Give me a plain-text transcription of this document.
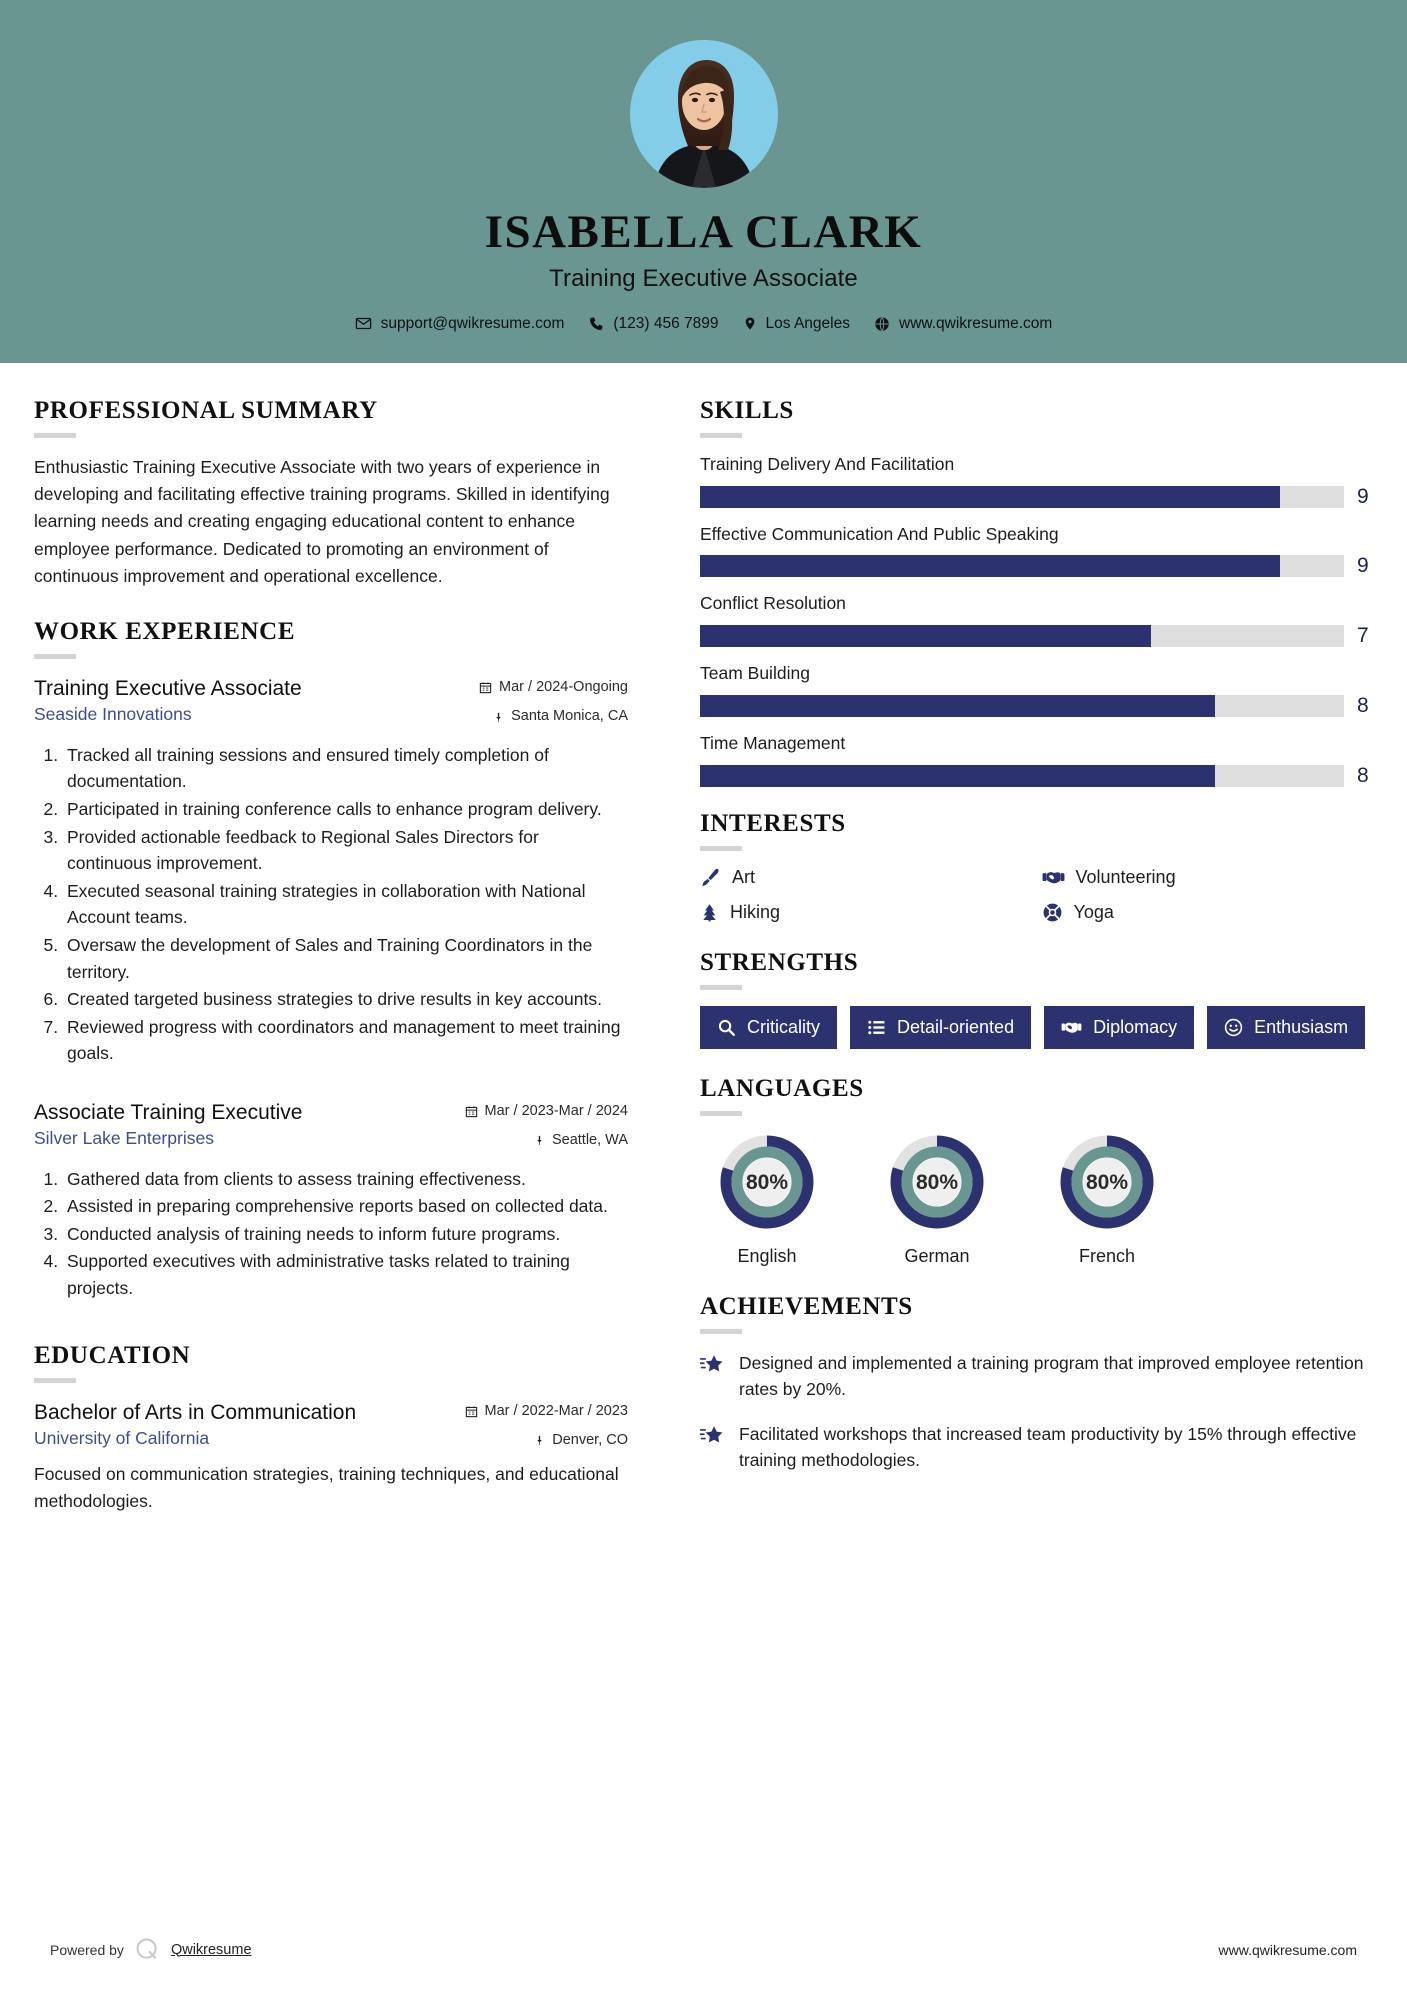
ISABELLA CLARK
Training Executive Associate
support@qwikresume.com	(123) 456 7899	Los Angeles	www.qwikresume.com
PROFESSIONAL SUMMARY

Enthusiastic Training Executive Associate with two years of experience in developing and facilitating effective training programs. Skilled in identifying learning needs and creating engaging educational content to enhance employee performance. Dedicated to promoting an environment of continuous improvement and operational excellence.

WORK EXPERIENCE
Training Executive Associate	Mar / 2024-Ongoing
Seaside Innovations	Santa Monica, CA
1. Tracked all training sessions and ensured timely completion of documentation.
2. Participated in training conference calls to enhance program delivery.
3. Provided actionable feedback to Regional Sales Directors for continuous improvement.
4. Executed seasonal training strategies in collaboration with National Account teams.
5. Oversaw the development of Sales and Training Coordinators in the territory.
6. Created targeted business strategies to drive results in key accounts.
7. Reviewed progress with coordinators and management to meet training goals.
Associate Training Executive	Mar / 2023-Mar / 2024
Silver Lake Enterprises	Seattle, WA
1. Gathered data from clients to assess training effectiveness.
2. Assisted in preparing comprehensive reports based on collected data.
3. Conducted analysis of training needs to inform future programs.
4. Supported executives with administrative tasks related to training projects.
EDUCATION
Bachelor of Arts in Communication	Mar / 2022-Mar / 2023
University of California	Denver, CO

Focused on communication strategies, training techniques, and educational methodologies.

SKILLS
Training Delivery And Facilitation
9
Effective Communication And Public Speaking
9
Conflict Resolution
7
Team Building
8
Time Management
8
INTERESTS
Art	Volunteering
Hiking	Yoga
STRENGTHS
Criticality	Detail-oriented	Diplomacy	Enthusiasm
LANGUAGES
80%
English
80%
German
80%
French
ACHIEVEMENTS
Designed and implemented a training program that improved employee retention rates by 20%.
Facilitated workshops that increased team productivity by 15% through effective training methodologies.
Powered by	Qwikresume	www.qwikresume.com
